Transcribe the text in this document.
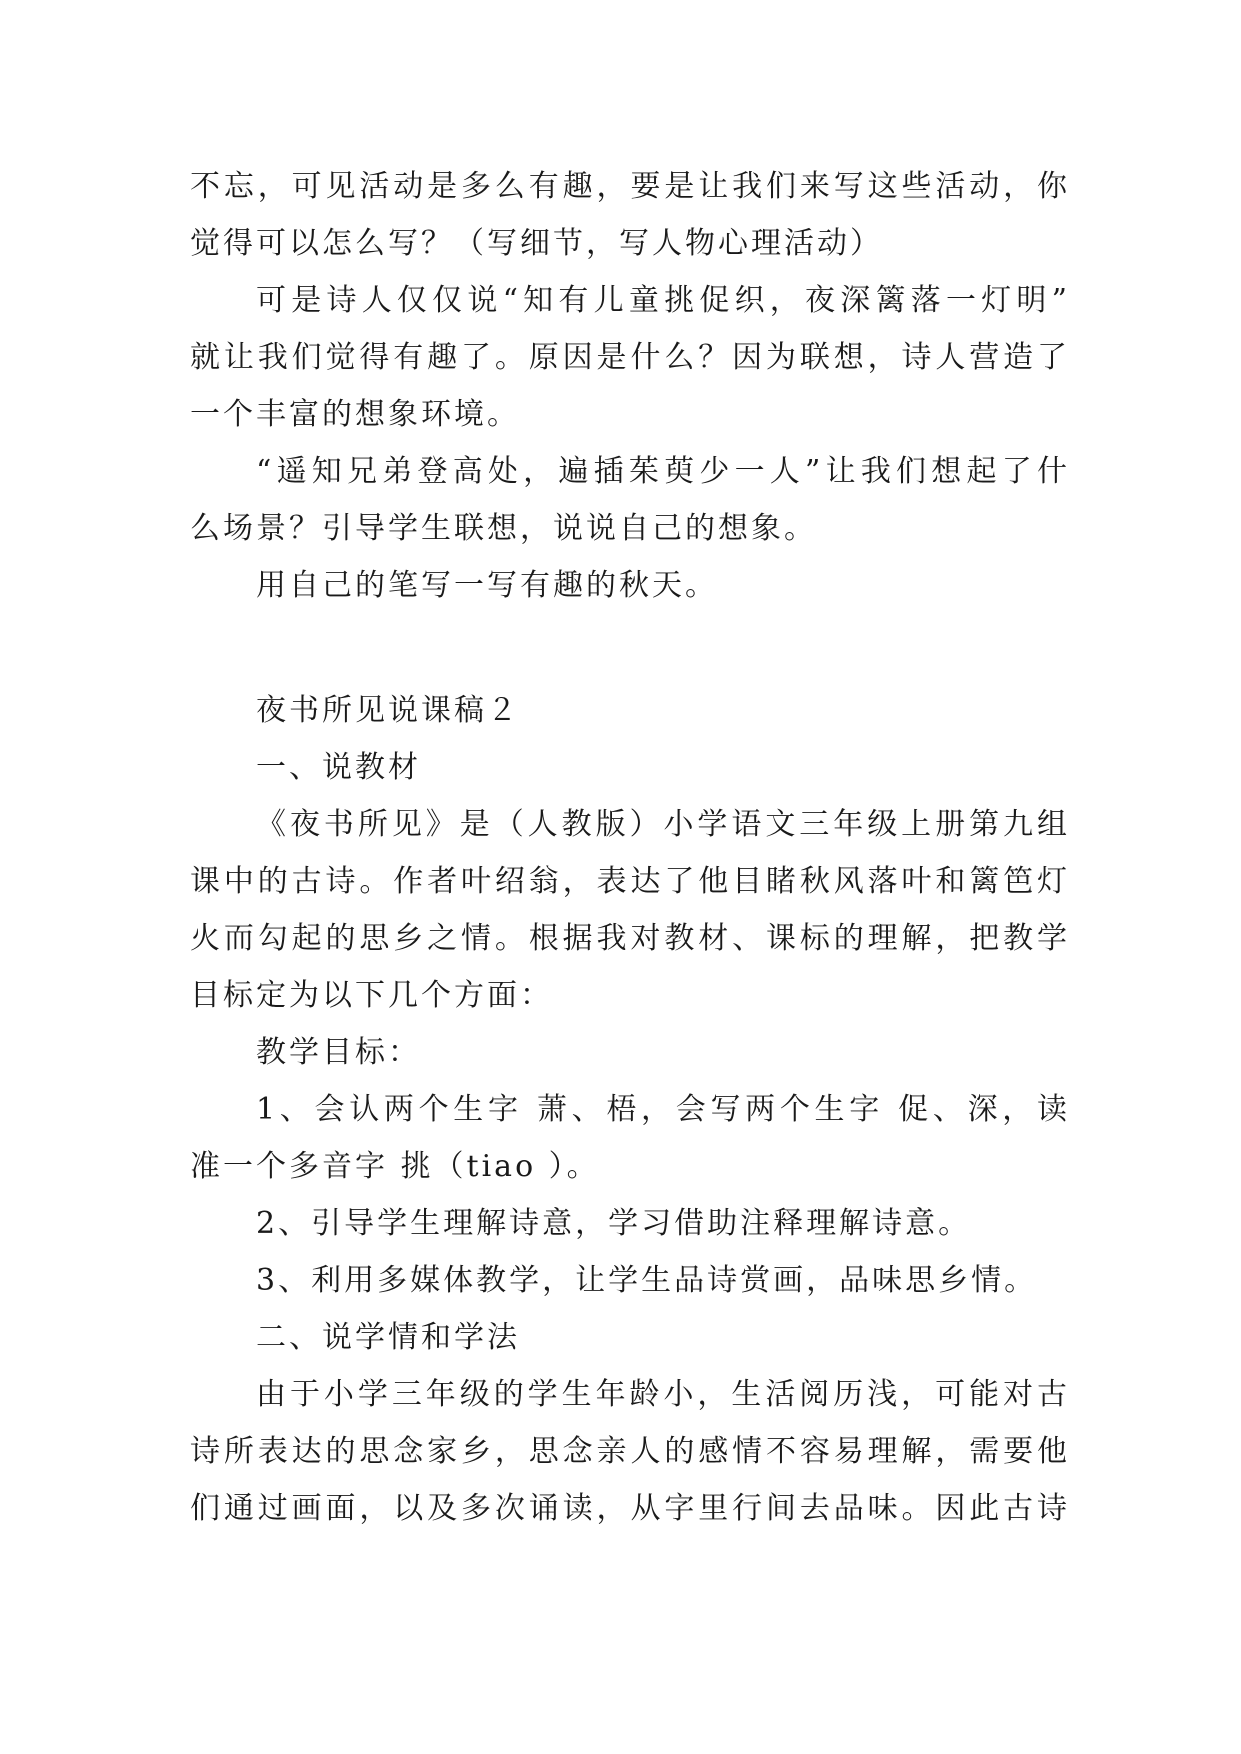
不忘，可见活动是多么有趣，要是让我们来写这些活动，你
觉得可以怎么写？（写细节，写人物心理活动）
可是诗人仅仅说“知有儿童挑促织，夜深篱落一灯明”
就让我们觉得有趣了。原因是什么？因为联想，诗人营造了
一个丰富的想象环境。
“遥知兄弟登高处，遍插茱萸少一人”让我们想起了什
么场景？引导学生联想，说说自己的想象。
用自己的笔写一写有趣的秋天。
夜书所见说课稿２
一、说教材
《夜书所见》是（人教版）小学语文三年级上册第九组
课中的古诗。作者叶绍翁，表达了他目睹秋风落叶和篱笆灯
火而勾起的思乡之情。根据我对教材、课标的理解，把教学
目标定为以下几个方面：
教学目标：
1、会认两个生字 萧、梧，会写两个生字 促、深，读
准一个多音字 挑（tiao ）。
2、引导学生理解诗意，学习借助注释理解诗意。
3、利用多媒体教学，让学生品诗赏画，品味思乡情。
二、说学情和学法
由于小学三年级的学生年龄小，生活阅历浅，可能对古
诗所表达的思念家乡，思念亲人的感情不容易理解，需要他
们通过画面，以及多次诵读，从字里行间去品味。因此古诗
